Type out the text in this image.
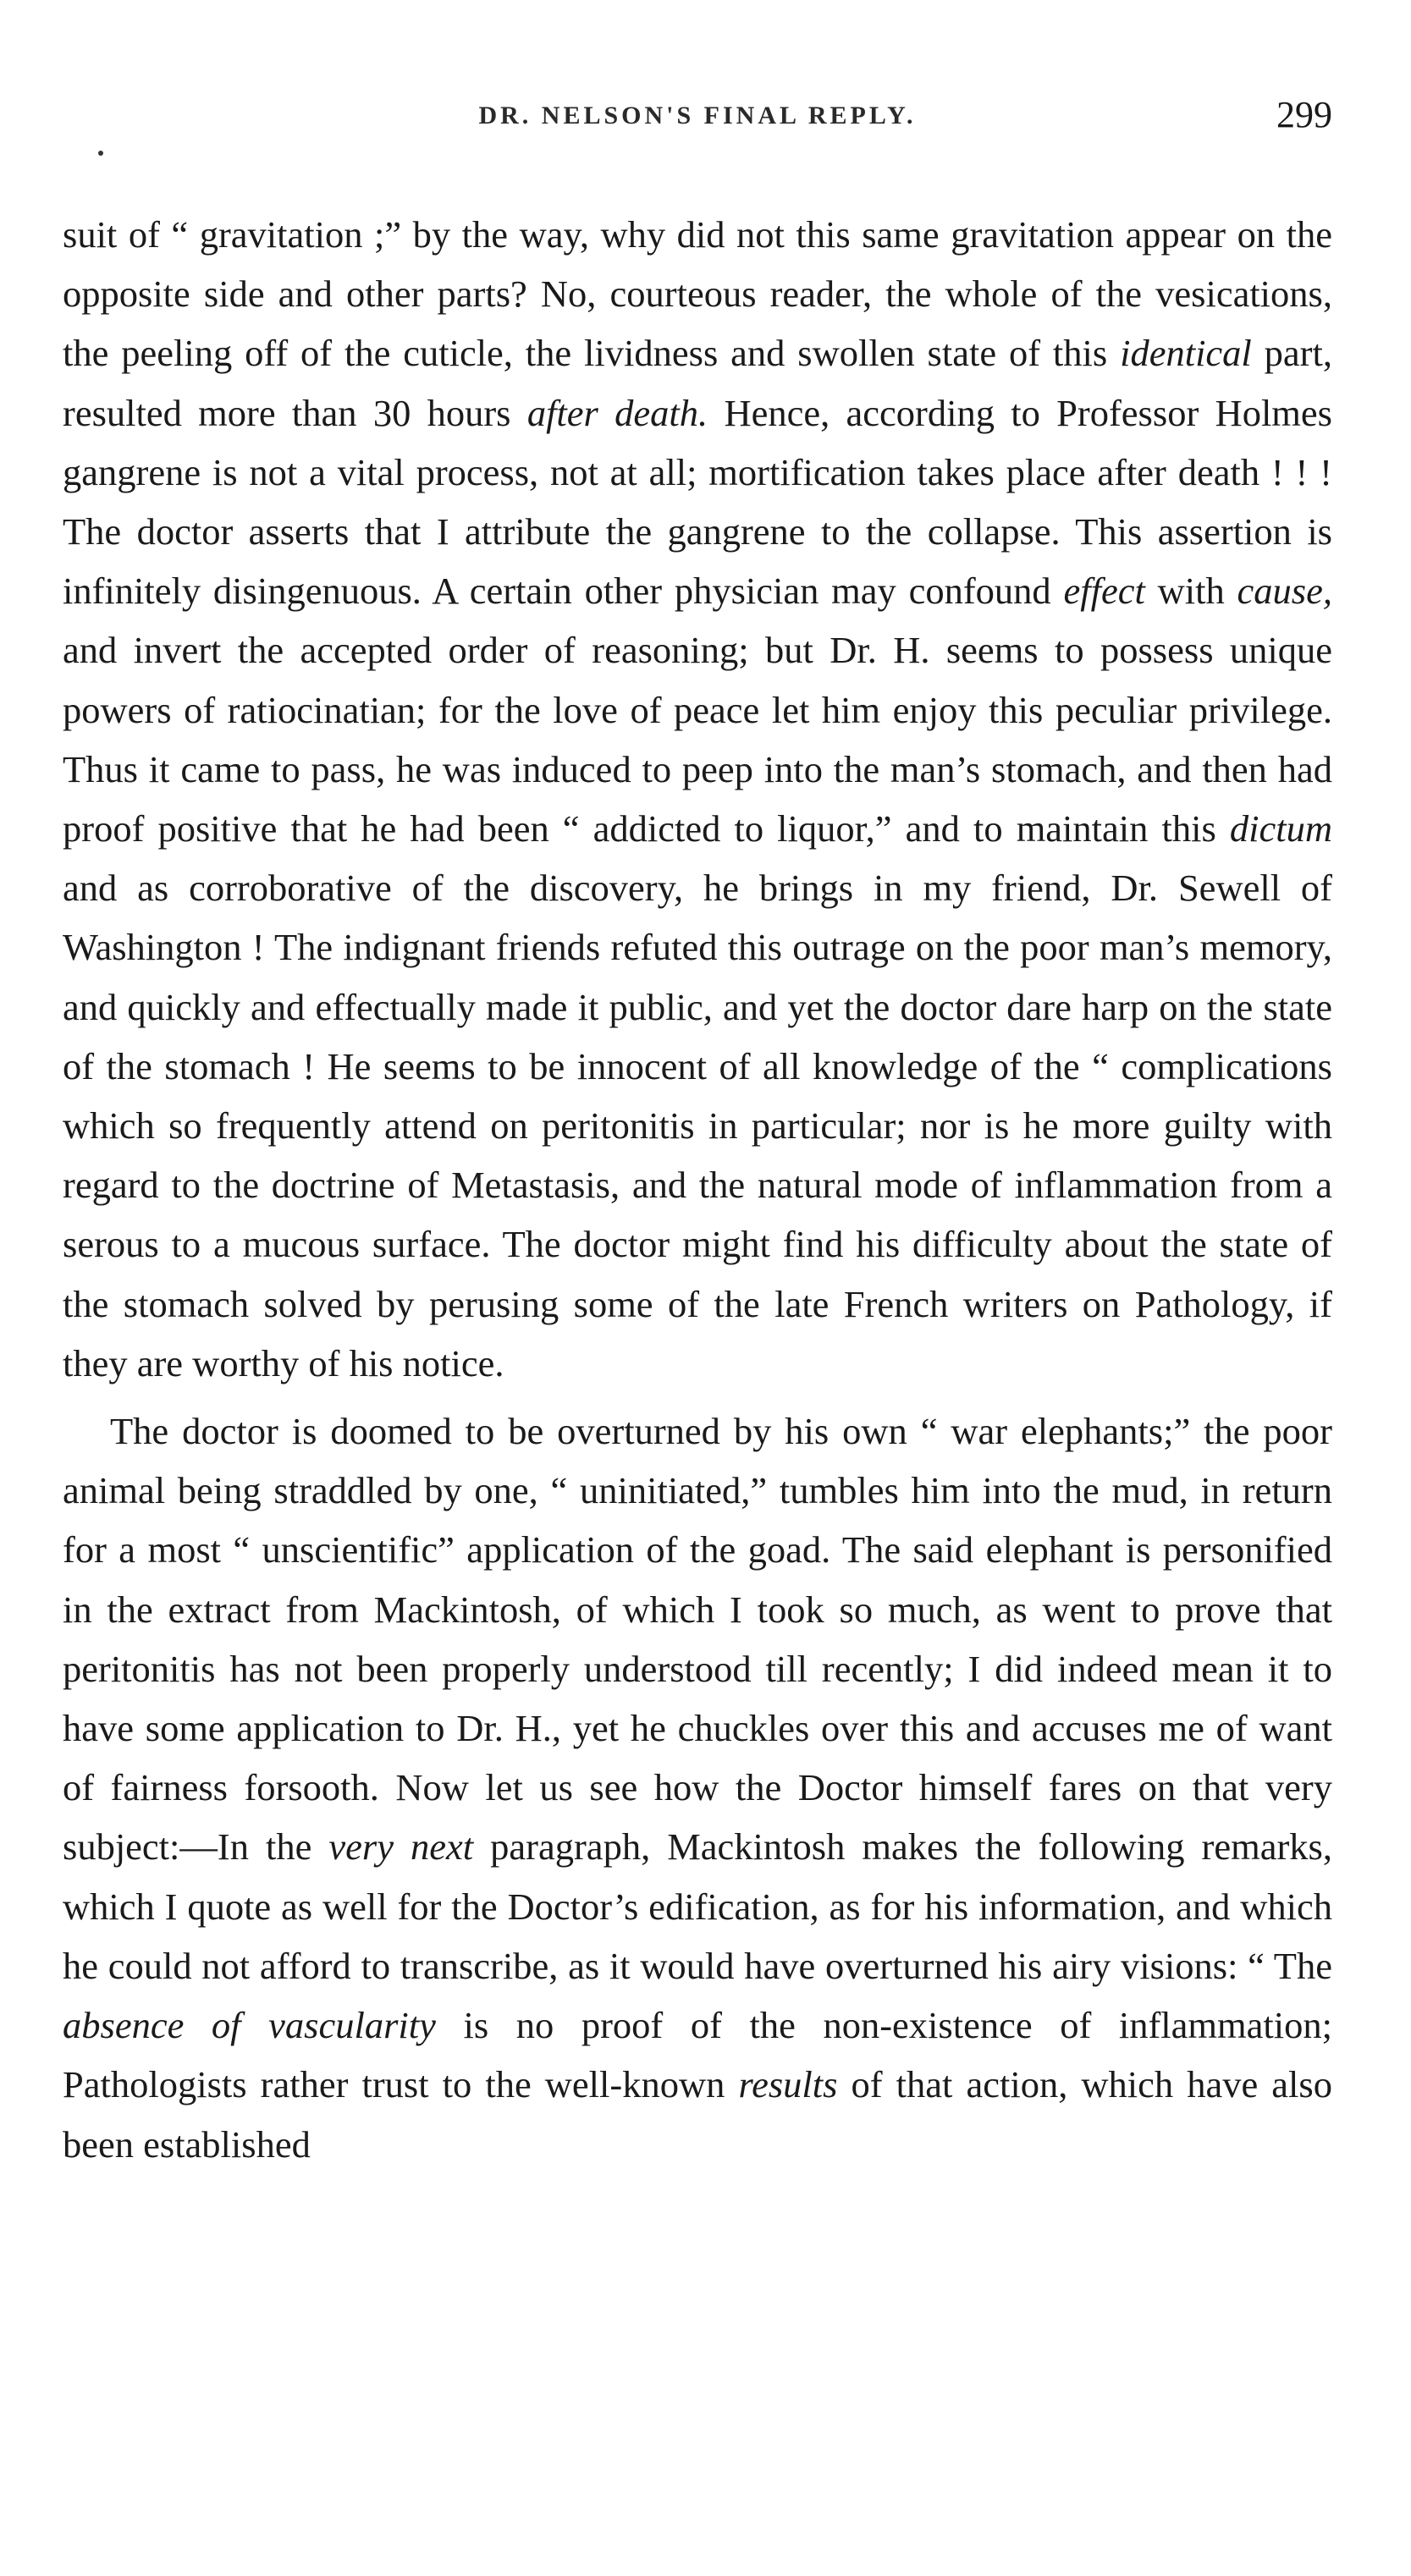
DR. NELSON'S FINAL REPLY.	299

suit of “ gravitation ;” by the way, why did not this same gravitation appear on the opposite side and other parts? No, courteous reader, the whole of the vesications, the peeling off of the cuticle, the lividness and swollen state of this identical part, resulted more than 30 hours after death. Hence, according to Professor Holmes gangrene is not a vital process, not at all; mortification takes place after death ! ! ! The doctor asserts that I attribute the gangrene to the collapse. This assertion is infinitely disingenuous. A certain other physician may confound effect with cause, and invert the accepted order of reasoning; but Dr. H. seems to possess unique powers of ratiocinatian; for the love of peace let him enjoy this peculiar privilege. Thus it came to pass, he was induced to peep into the man’s stomach, and then had proof positive that he had been “ addicted to liquor,” and to maintain this dictum and as corroborative of the discovery, he brings in my friend, Dr. Sewell of Washington ! The indignant friends refuted this outrage on the poor man’s memory, and quickly and effectually made it public, and yet the doctor dare harp on the state of the stomach ! He seems to be innocent of all knowledge of the “ complications which so frequently attend on peritonitis in particular; nor is he more guilty with regard to the doctrine of Metastasis, and the natural mode of inflammation from a serous to a mucous surface. The doctor might find his difficulty about the state of the stomach solved by perusing some of the late French writers on Pathology, if they are worthy of his notice.

The doctor is doomed to be overturned by his own “ war elephants;” the poor animal being straddled by one, “ uninitiated,” tumbles him into the mud, in return for a most “ unscientific” application of the goad. The said elephant is personified in the extract from Mackintosh, of which I took so much, as went to prove that peritonitis has not been properly understood till recently; I did indeed mean it to have some application to Dr. H., yet he chuckles over this and accuses me of want of fairness forsooth. Now let us see how the Doctor himself fares on that very subject:—In the very next paragraph, Mackintosh makes the following remarks, which I quote as well for the Doctor’s edification, as for his information, and which he could not afford to transcribe, as it would have overturned his airy visions: “ The absence of vascularity is no proof of the non-existence of inflammation; Pathologists rather trust to the well-known results of that action, which have also been established
